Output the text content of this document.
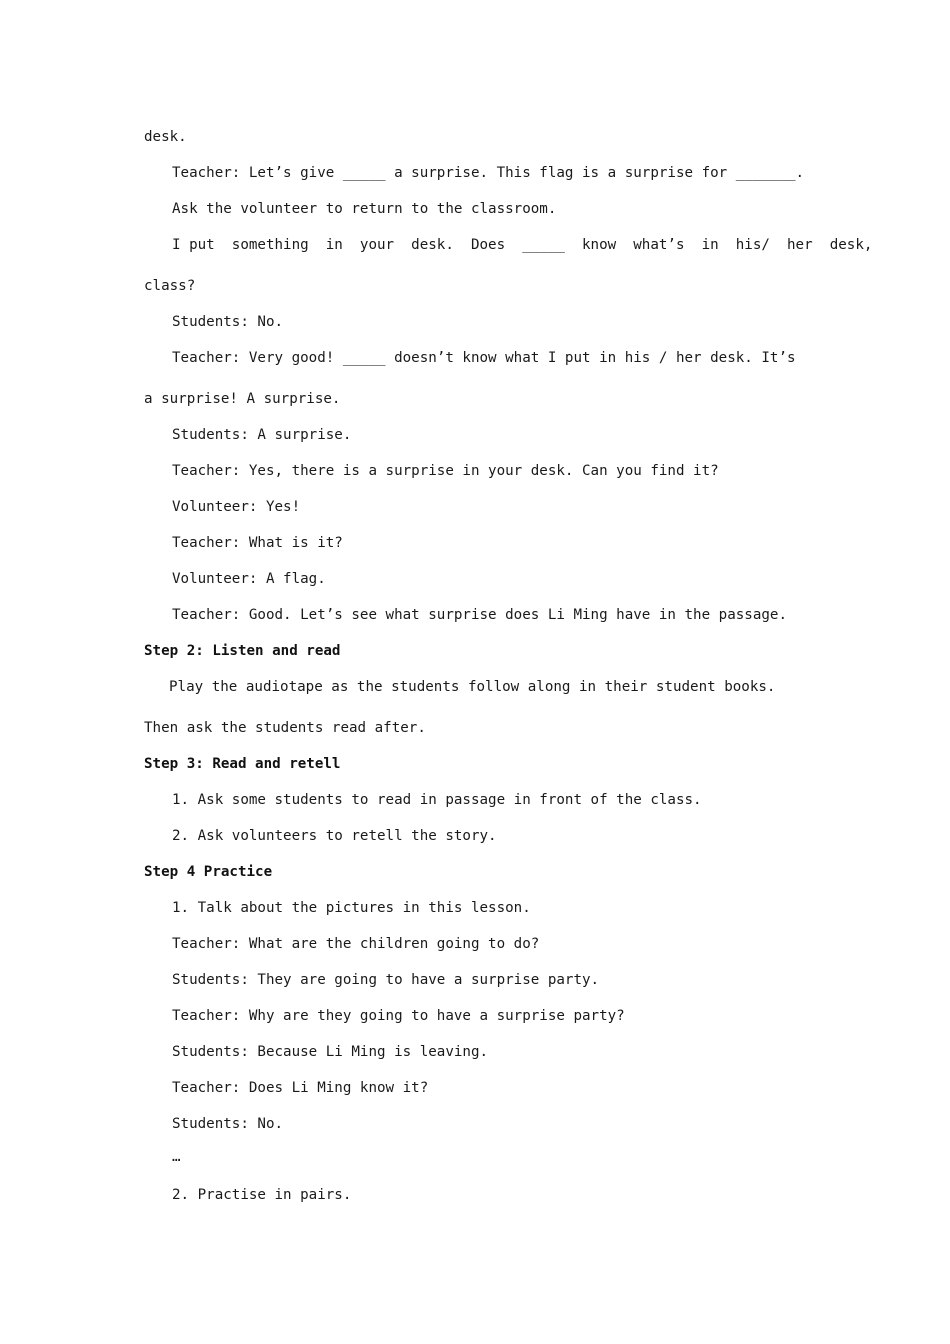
desk.
Teacher: Let’s give _____ a surprise. This flag is a surprise for _______.
Ask the volunteer to return to the classroom.
I put  something  in  your  desk.  Does  _____  know  what’s  in  his/  her  desk,
class?
Students: No.
Teacher: Very good! _____ doesn’t know what I put in his / her desk. It’s
a surprise! A surprise.
Students: A surprise.
Teacher: Yes, there is a surprise in your desk. Can you find it?
Volunteer: Yes!
Teacher: What is it?
Volunteer: A flag.
Teacher: Good. Let’s see what surprise does Li Ming have in the passage.
Step 2: Listen and read
Play the audiotape as the students follow along in their student books.
Then ask the students read after.
Step 3: Read and retell
1. Ask some students to read in passage in front of the class.
2. Ask volunteers to retell the story.
Step 4 Practice
1. Talk about the pictures in this lesson.
Teacher: What are the children going to do?
Students: They are going to have a surprise party.
Teacher: Why are they going to have a surprise party?
Students: Because Li Ming is leaving.
Teacher: Does Li Ming know it?
Students: No.
…
2. Practise in pairs.
